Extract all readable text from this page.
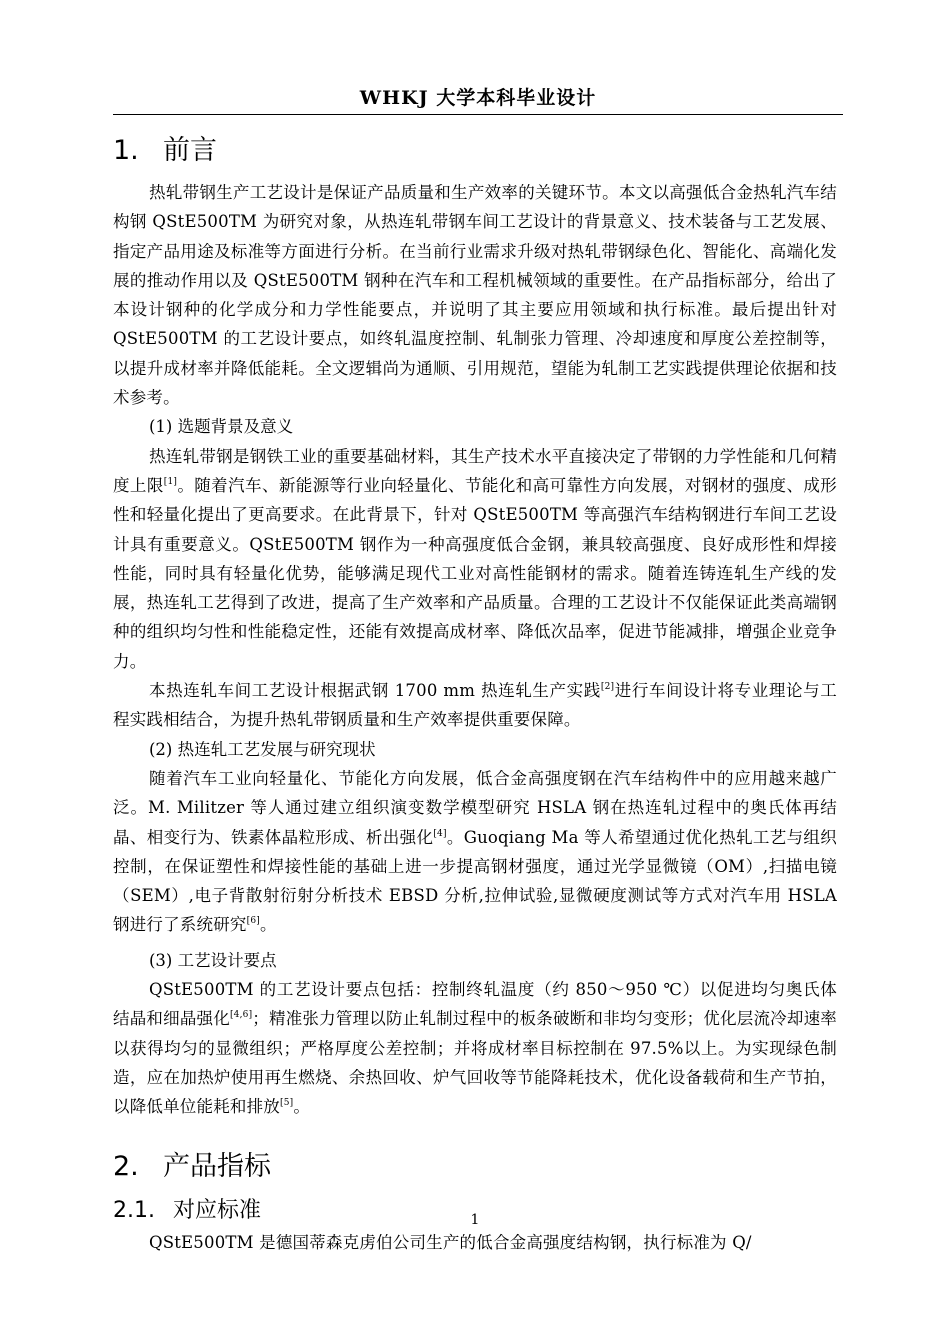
WHKJ 大学本科毕业设计
1. 前言

热轧带钢生产工艺设计是保证产品质量和生产效率的关键环节。本文以高强低合金热轧汽车结构钢 QStE500TM 为研究对象，从热连轧带钢车间工艺设计的背景意义、技术装备与工艺发展、指定产品用途及标准等方面进行分析。在当前行业需求升级对热轧带钢绿色化、智能化、高端化发展的推动作用以及 QStE500TM 钢种在汽车和工程机械领域的重要性。在产品指标部分，给出了本设计钢种的化学成分和力学性能要点，并说明了其主要应用领域和执行标准。最后提出针对 QStE500TM 的工艺设计要点，如终轧温度控制、轧制张力管理、冷却速度和厚度公差控制等，以提升成材率并降低能耗。全文逻辑尚为通顺、引用规范，望能为轧制工艺实践提供理论依据和技术参考。

(1) 选题背景及意义

热连轧带钢是钢铁工业的重要基础材料，其生产技术水平直接决定了带钢的力学性能和几何精度上限[1]。随着汽车、新能源等行业向轻量化、节能化和高可靠性方向发展，对钢材的强度、成形性和轻量化提出了更高要求。在此背景下，针对 QStE500TM 等高强汽车结构钢进行车间工艺设计具有重要意义。QStE500TM 钢作为一种高强度低合金钢，兼具较高强度、良好成形性和焊接性能，同时具有轻量化优势，能够满足现代工业对高性能钢材的需求。随着连铸连轧生产线的发展，热连轧工艺得到了改进，提高了生产效率和产品质量。合理的工艺设计不仅能保证此类高端钢种的组织均匀性和性能稳定性，还能有效提高成材率、降低次品率，促进节能减排，增强企业竞争力。

本热连轧车间工艺设计根据武钢 1700 mm 热连轧生产实践[2]进行车间设计将专业理论与工程实践相结合，为提升热轧带钢质量和生产效率提供重要保障。

(2) 热连轧工艺发展与研究现状

随着汽车工业向轻量化、节能化方向发展，低合金高强度钢在汽车结构件中的应用越来越广泛。M. Militzer 等人通过建立组织演变数学模型研究 HSLA 钢在热连轧过程中的奥氏体再结晶、相变行为、铁素体晶粒形成、析出强化[4]。Guoqiang Ma 等人希望通过优化热轧工艺与组织控制，在保证塑性和焊接性能的基础上进一步提高钢材强度，通过光学显微镜（OM）,扫描电镜（SEM）,电子背散射衍射分析技术 EBSD 分析,拉伸试验,显微硬度测试等方式对汽车用 HSLA 钢进行了系统研究[6]。

(3) 工艺设计要点

QStE500TM 的工艺设计要点包括：控制终轧温度（约 850～950 ℃）以促进均匀奥氏体结晶和细晶强化[4,6]；精准张力管理以防止轧制过程中的板条破断和非均匀变形；优化层流冷却速率以获得均匀的显微组织；严格厚度公差控制；并将成材率目标控制在 97.5%以上。为实现绿色制造，应在加热炉使用再生燃烧、余热回收、炉气回收等节能降耗技术，优化设备载荷和生产节拍，以降低单位能耗和排放[5]。

2. 产品指标
2.1. 对应标准

QStE500TM 是德国蒂森克虏伯公司生产的低合金高强度结构钢，执行标准为 Q/

1
